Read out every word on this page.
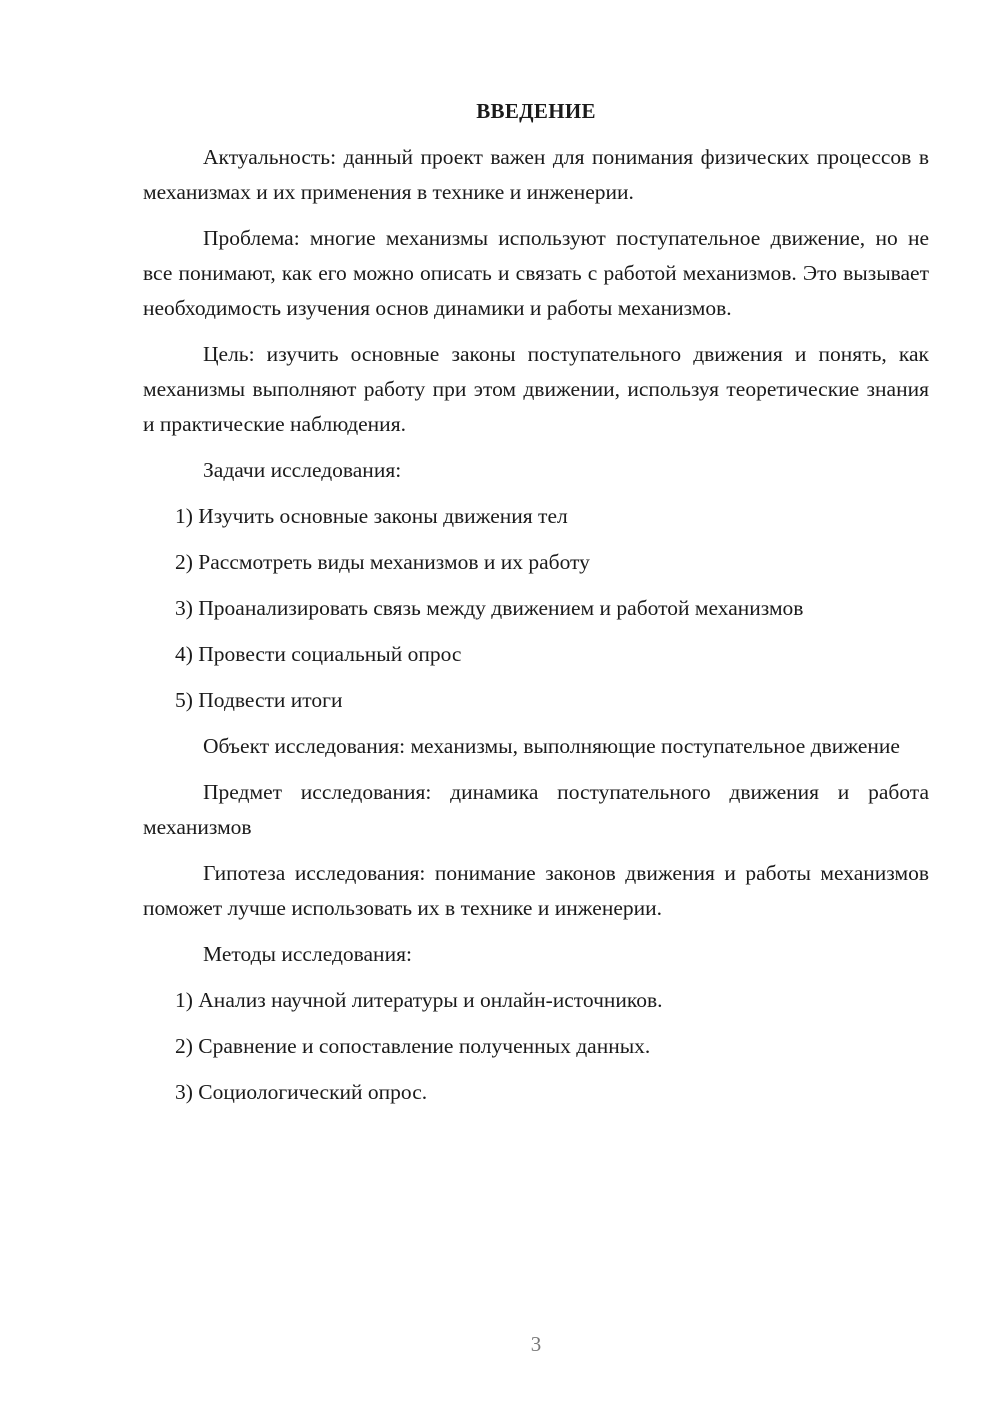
ВВЕДЕНИЕ

Актуальность: данный проект важен для понимания физических процессов в механизмах и их применения в технике и инженерии.

Проблема: многие механизмы используют поступательное движение, но не все понимают, как его можно описать и связать с работой механизмов. Это вызывает необходимость изучения основ динамики и работы механизмов.

Цель: изучить основные законы поступательного движения и понять, как механизмы выполняют работу при этом движении, используя теоретические знания и практические наблюдения.

Задачи исследования:

1) Изучить основные законы движения тел

2) Рассмотреть виды механизмов и их работу

3) Проанализировать связь между движением и работой механизмов

4) Провести социальный опрос

5) Подвести итоги

Объект исследования: механизмы, выполняющие поступательное движение

Предмет исследования: динамика поступательного движения и работа механизмов

Гипотеза исследования: понимание законов движения и работы механизмов поможет лучше использовать их в технике и инженерии.

Методы исследования:

1) Анализ научной литературы и онлайн-источников.

2) Сравнение и сопоставление полученных данных.

3) Социологический опрос.

3
